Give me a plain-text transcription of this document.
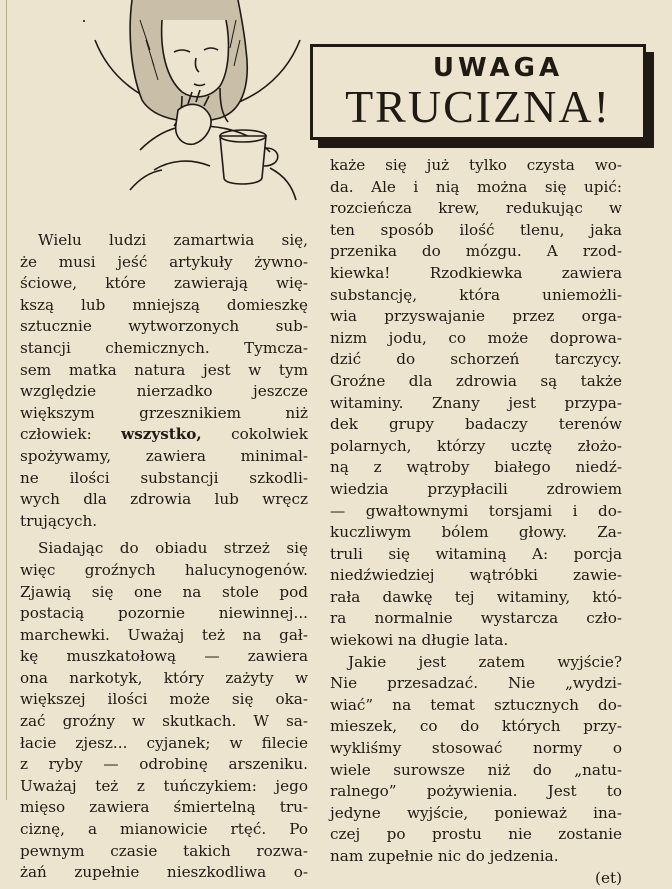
UWAGA
TRUCIZNA!
Wielu ludzi zamartwia się,
że musi jeść artykuły żywno-
ściowe, które zawierają wię-
kszą lub mniejszą domieszkę
sztucznie wytworzonych sub-
stancji chemicznych. Tymcza-
sem matka natura jest w tym
względzie nierzadko jeszcze
większym grzesznikiem niż
człowiek: wszystko, cokolwiek
spożywamy, zawiera minimal-
ne ilości substancji szkodli-
wych dla zdrowia lub wręcz
trujących.
Siadając do obiadu strzeż się
więc groźnych halucynogenów.
Zjawią się one na stole pod
postacią pozornie niewinnej...
marchewki. Uważaj też na gał-
kę muszkatołową — zawiera
ona narkotyk, który zażyty w
większej ilości może się oka-
zać groźny w skutkach. W sa-
łacie zjesz... cyjanek; w filecie
z ryby — odrobinę arszeniku.
Uważaj też z tuńczykiem: jego
mięso zawiera śmiertelną tru-
ciznę, a mianowicie rtęć. Po
pewnym czasie takich rozwa-
żań zupełnie nieszkodliwa o-
każe się już tylko czysta wo-
da. Ale i nią można się upić:
rozcieńcza krew, redukując w
ten sposób ilość tlenu, jaka
przenika do mózgu. A rzod-
kiewka! Rzodkiewka zawiera
substancję, która uniemożli-
wia przyswajanie przez orga-
nizm jodu, co może doprowa-
dzić do schorzeń tarczycy.
Groźne dla zdrowia są także
witaminy. Znany jest przypa-
dek grupy badaczy terenów
polarnych, którzy ucztę złożo-
ną z wątroby białego niedź-
wiedzia przypłacili zdrowiem
— gwałtownymi torsjami i do-
kuczliwym bólem głowy. Za-
truli się witaminą A: porcja
niedźwiedziej wątróbki zawie-
rała dawkę tej witaminy, któ-
ra normalnie wystarcza czło-
wiekowi na długie lata.
Jakie jest zatem wyjście?
Nie przesadzać. Nie „wydzi-
wiać” na temat sztucznych do-
mieszek, co do których przy-
wykliśmy stosować normy o
wiele surowsze niż do „natu-
ralnego” pożywienia. Jest to
jedyne wyjście, ponieważ ina-
czej po prostu nie zostanie
nam zupełnie nic do jedzenia.
(et)
